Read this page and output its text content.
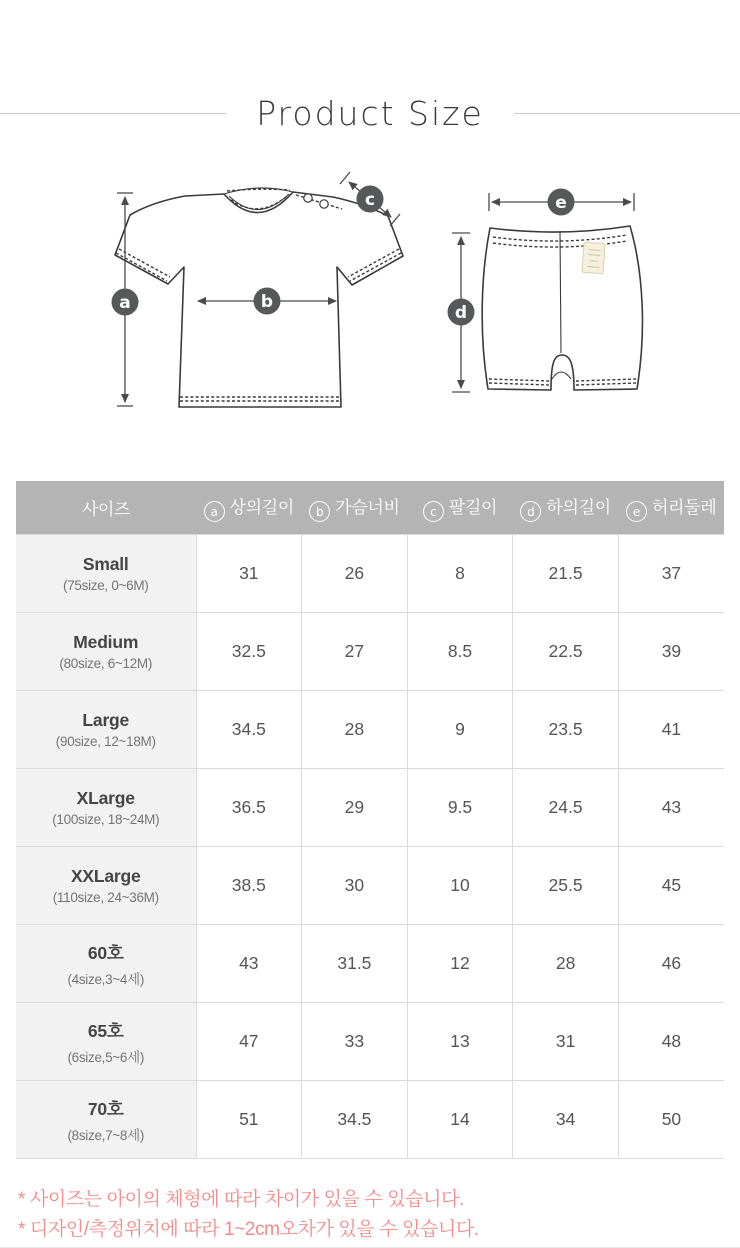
Product Size
a	b
c	e
d
사이즈	a 상의길이	b 가슴너비	c 팔길이	d 하의길이	e 허리둘레

Small
(75size, 0~6M)	31	26	8	21.5	37

Medium
(80size, 6~12M)	32.5	27	8.5	22.5	39

Large
(90size, 12~18M)	34.5	28	9	23.5	41

XLarge
(100size, 18~24M)	36.5	29	9.5	24.5	43

XXLarge
(110size, 24~36M)	38.5	30	10	25.5	45

60호
(4size,3~4세)	43	31.5	12	28	46

65호
(6size,5~6세)	47	33	13	31	48

70호
(8size,7~8세)	51	34.5	14	34	50
* 사이즈는 아이의 체형에 따라 차이가 있을 수 있습니다.
* 디자인/측정위치에 따라 1~2cm오차가 있을 수 있습니다.
